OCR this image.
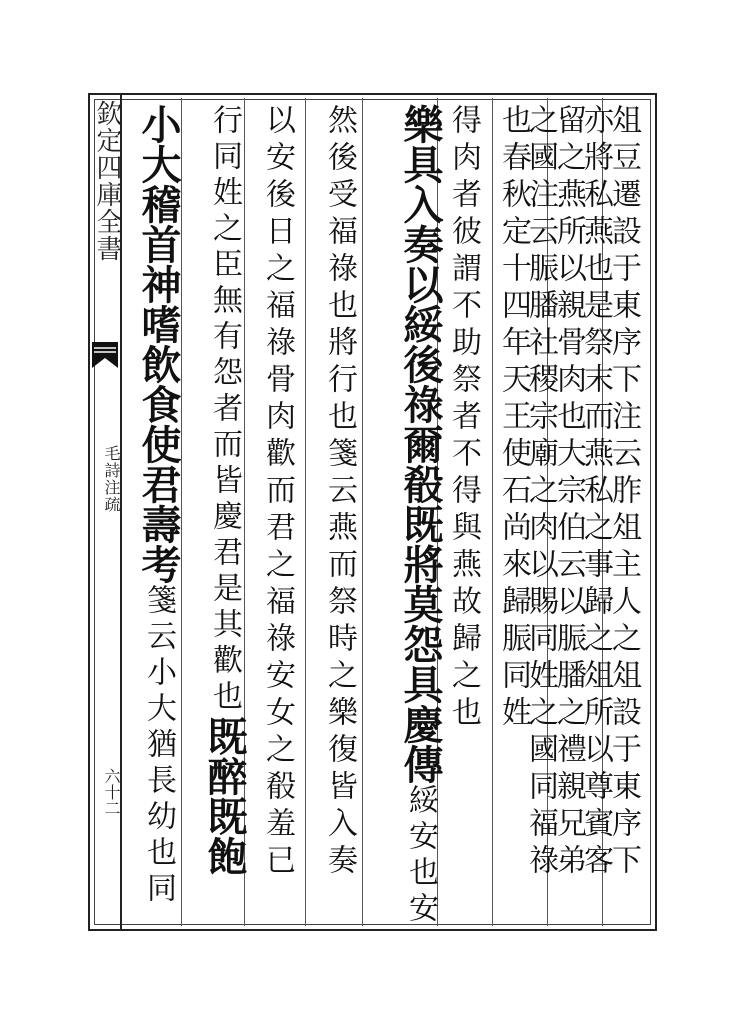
欽定四庫全書
毛詩注疏
六十二	俎豆遷設于東序下注云胙俎主人之俎設于東序下
亦將私燕也是祭末而燕私之事歸之俎所以尊賓客
留之燕所以親骨肉也大宗伯云以脤膰之禮親兄弟
之國注云脤膰社稷宗廟之肉以賜同姓之國同福祿
也春秋定十四年天王使石尚來歸脤同姓
得肉者彼謂不助祭者不得與燕故歸之也
樂具入奏以綏後祿爾殽既將莫怨具慶傳綏安也安
然後受福祿也將行也箋云燕而祭時之樂復皆入奏
以安後日之福祿骨肉歡而君之福祿安女之殽羞已
行同姓之臣無有怨者而皆慶君是其歡也既醉既飽
小大稽首神嗜飲食使君壽考箋云小大猶長幼也同
